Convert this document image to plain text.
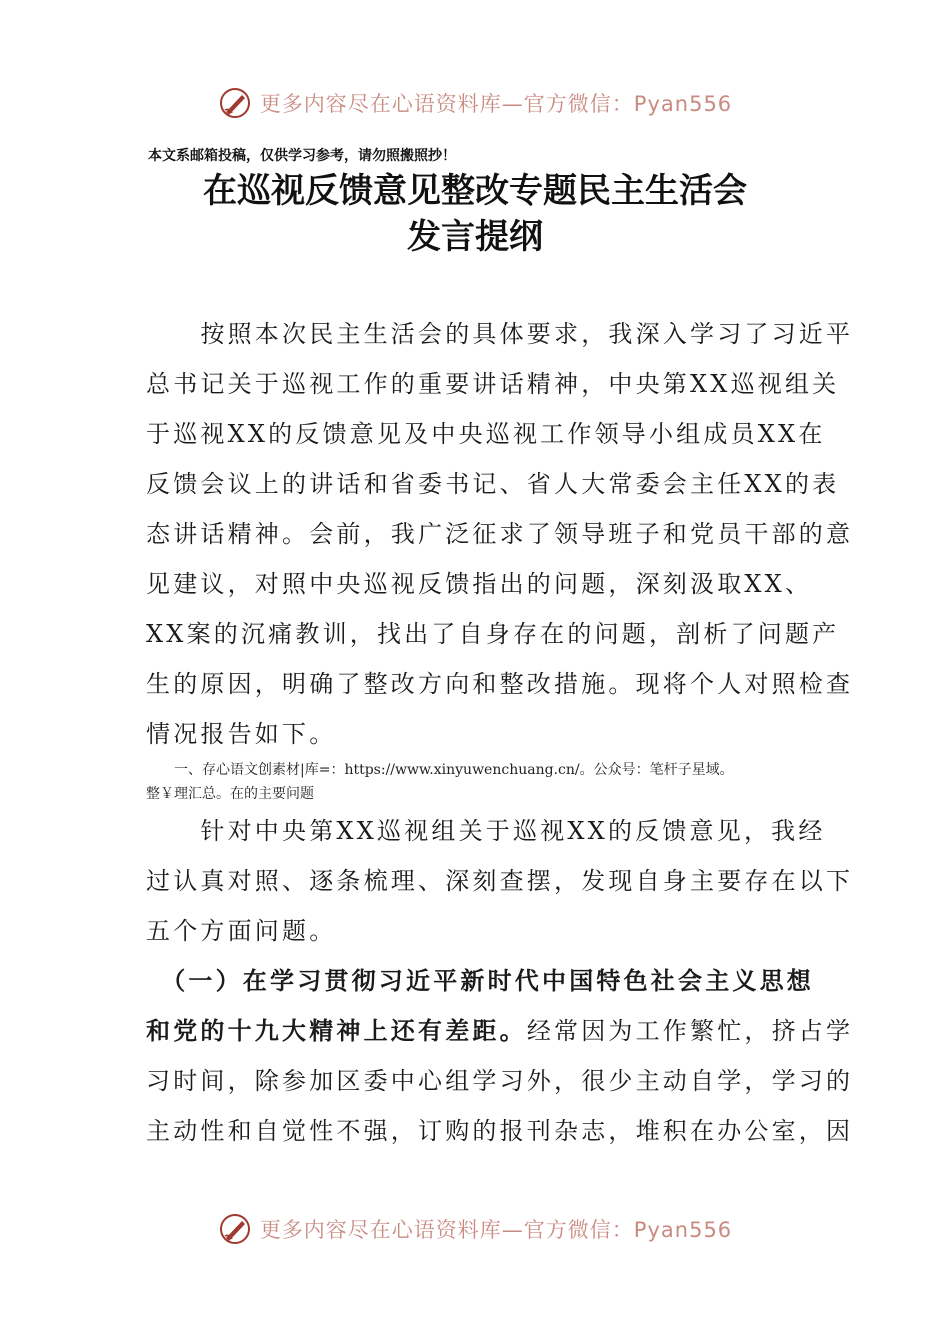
更多内容尽在心语资料库—官方微信：Pyan556
本文系邮箱投稿，仅供学习参考，请勿照搬照抄！
在巡视反馈意见整改专题民主生活会
发言提纲
　　按照本次民主生活会的具体要求，我深入学习了习近平
总书记关于巡视工作的重要讲话精神，中央第XX巡视组关
于巡视XX的反馈意见及中央巡视工作领导小组成员XX在
反馈会议上的讲话和省委书记、省人大常委会主任XX的表
态讲话精神。会前，我广泛征求了领导班子和党员干部的意
见建议，对照中央巡视反馈指出的问题，深刻汲取XX、
XX案的沉痛教训，找出了自身存在的问题，剖析了问题产
生的原因，明确了整改方向和整改措施。现将个人对照检查
情况报告如下。
一、存心语文创素材|库=：https://www.xinyuwenchuang.cn/。公众号：笔杆子星域。
整￥理汇总。在的主要问题
　　针对中央第XX巡视组关于巡视XX的反馈意见，我经
过认真对照、逐条梳理、深刻查摆，发现自身主要存在以下
五个方面问题。
　（一）在学习贯彻习近平新时代中国特色社会主义思想
和党的十九大精神上还有差距。经常因为工作繁忙，挤占学
习时间，除参加区委中心组学习外，很少主动自学，学习的
主动性和自觉性不强，订购的报刊杂志，堆积在办公室，因
更多内容尽在心语资料库—官方微信：Pyan556
